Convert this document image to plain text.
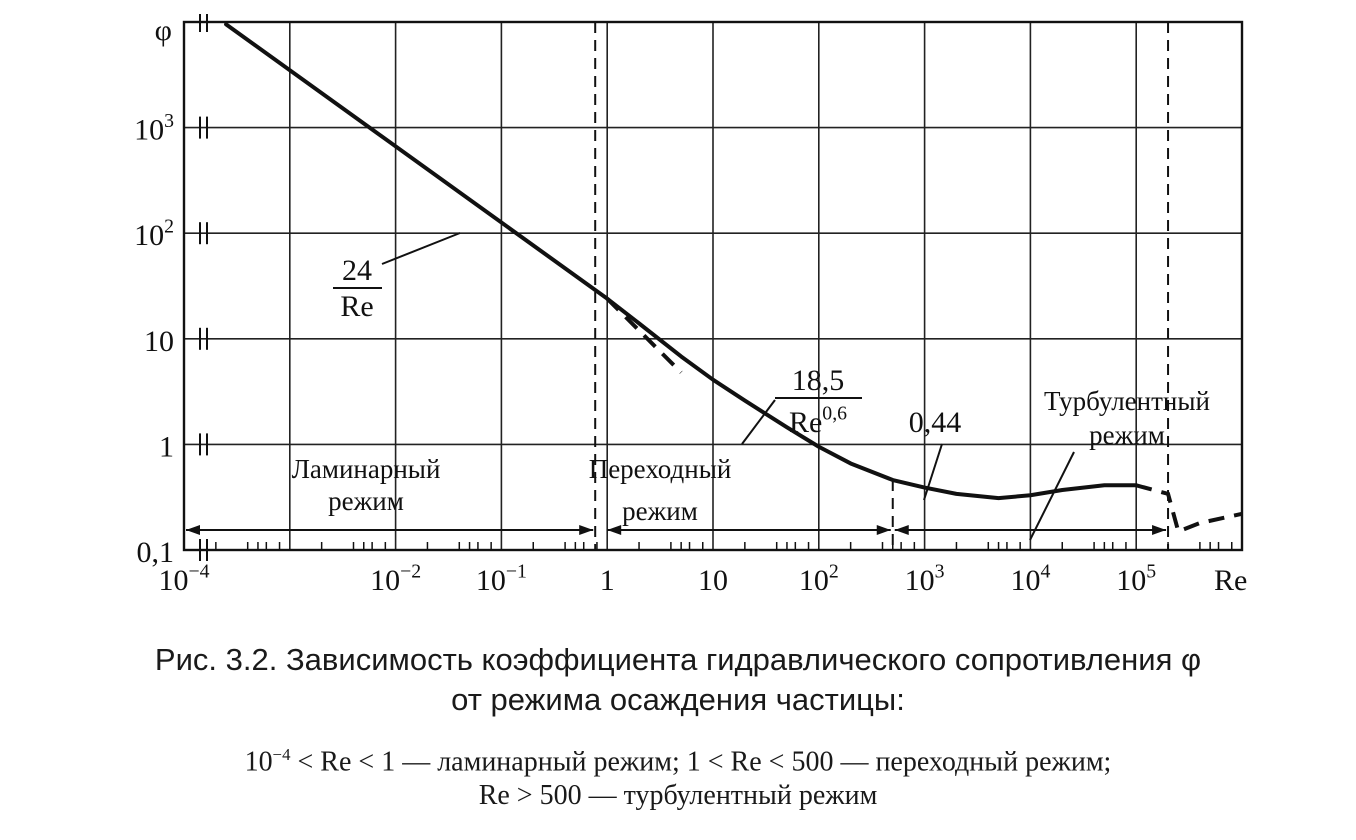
0,1
1
10
$10^2$
$10^3$
φ
$10^{-4}$	$10^{-2}$ $10^{-1}$ 1	10 $10^2$ $10^3$ $10^4$ $10^5$ Re
24
Re
18,5
Re$^{0,6}$ 0,44
Ламинарный
режим
Переходный
режим
Турбулентный
режим
Рис. 3.2. Зависимость коэффициента гидравлического сопротивления φ
от режима осаждения частицы:
$10^{-4} < Re < 1$ — ламинарный режим; 1 < Re < 500 — переходный режим;
Re > 500 — турбулентный режим
